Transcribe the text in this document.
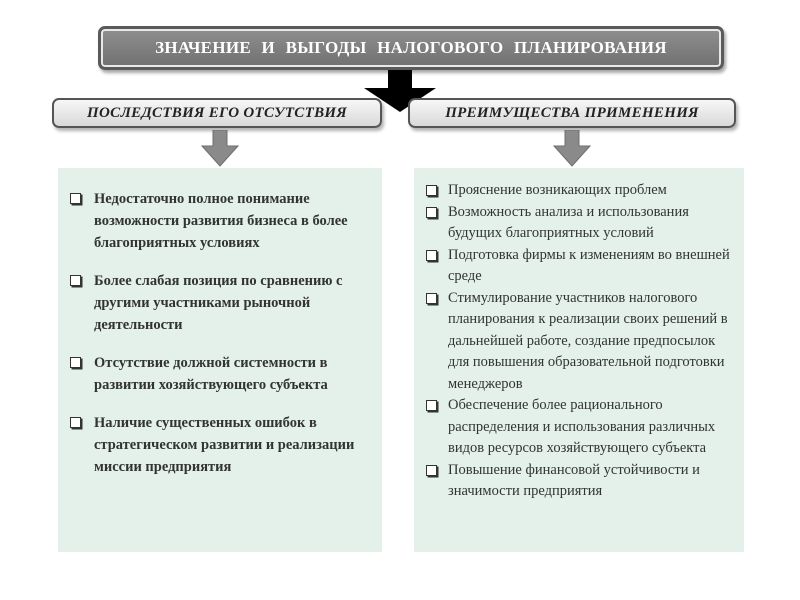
ЗНАЧЕНИЕ И ВЫГОДЫ НАЛОГОВОГО ПЛАНИРОВАНИЯ
ПОСЛЕДСТВИЯ ЕГО ОТСУТСТВИЯ	ПРЕИМУЩЕСТВА ПРИМЕНЕНИЯ
Недостаточно полное понимание возможности развития бизнеса в более благоприятных условиях
Более слабая позиция по сравнению с другими участниками рыночной деятельности
Отсутствие должной системности в развитии хозяйствующего субъекта
Наличие существенных ошибок в стратегическом развитии и реализации миссии предприятия
Прояснение возникающих проблем
Возможность анализа и использования будущих благоприятных условий
Подготовка фирмы к изменениям во внешней среде
Стимулирование участников налогового планирования к реализации своих решений в дальнейшей работе, создание предпосылок для повышения образовательной подготовки менеджеров
Обеспечение более рационального распределения и использования различных видов ресурсов хозяйствующего субъекта
Повышение финансовой устойчивости и значимости предприятия
